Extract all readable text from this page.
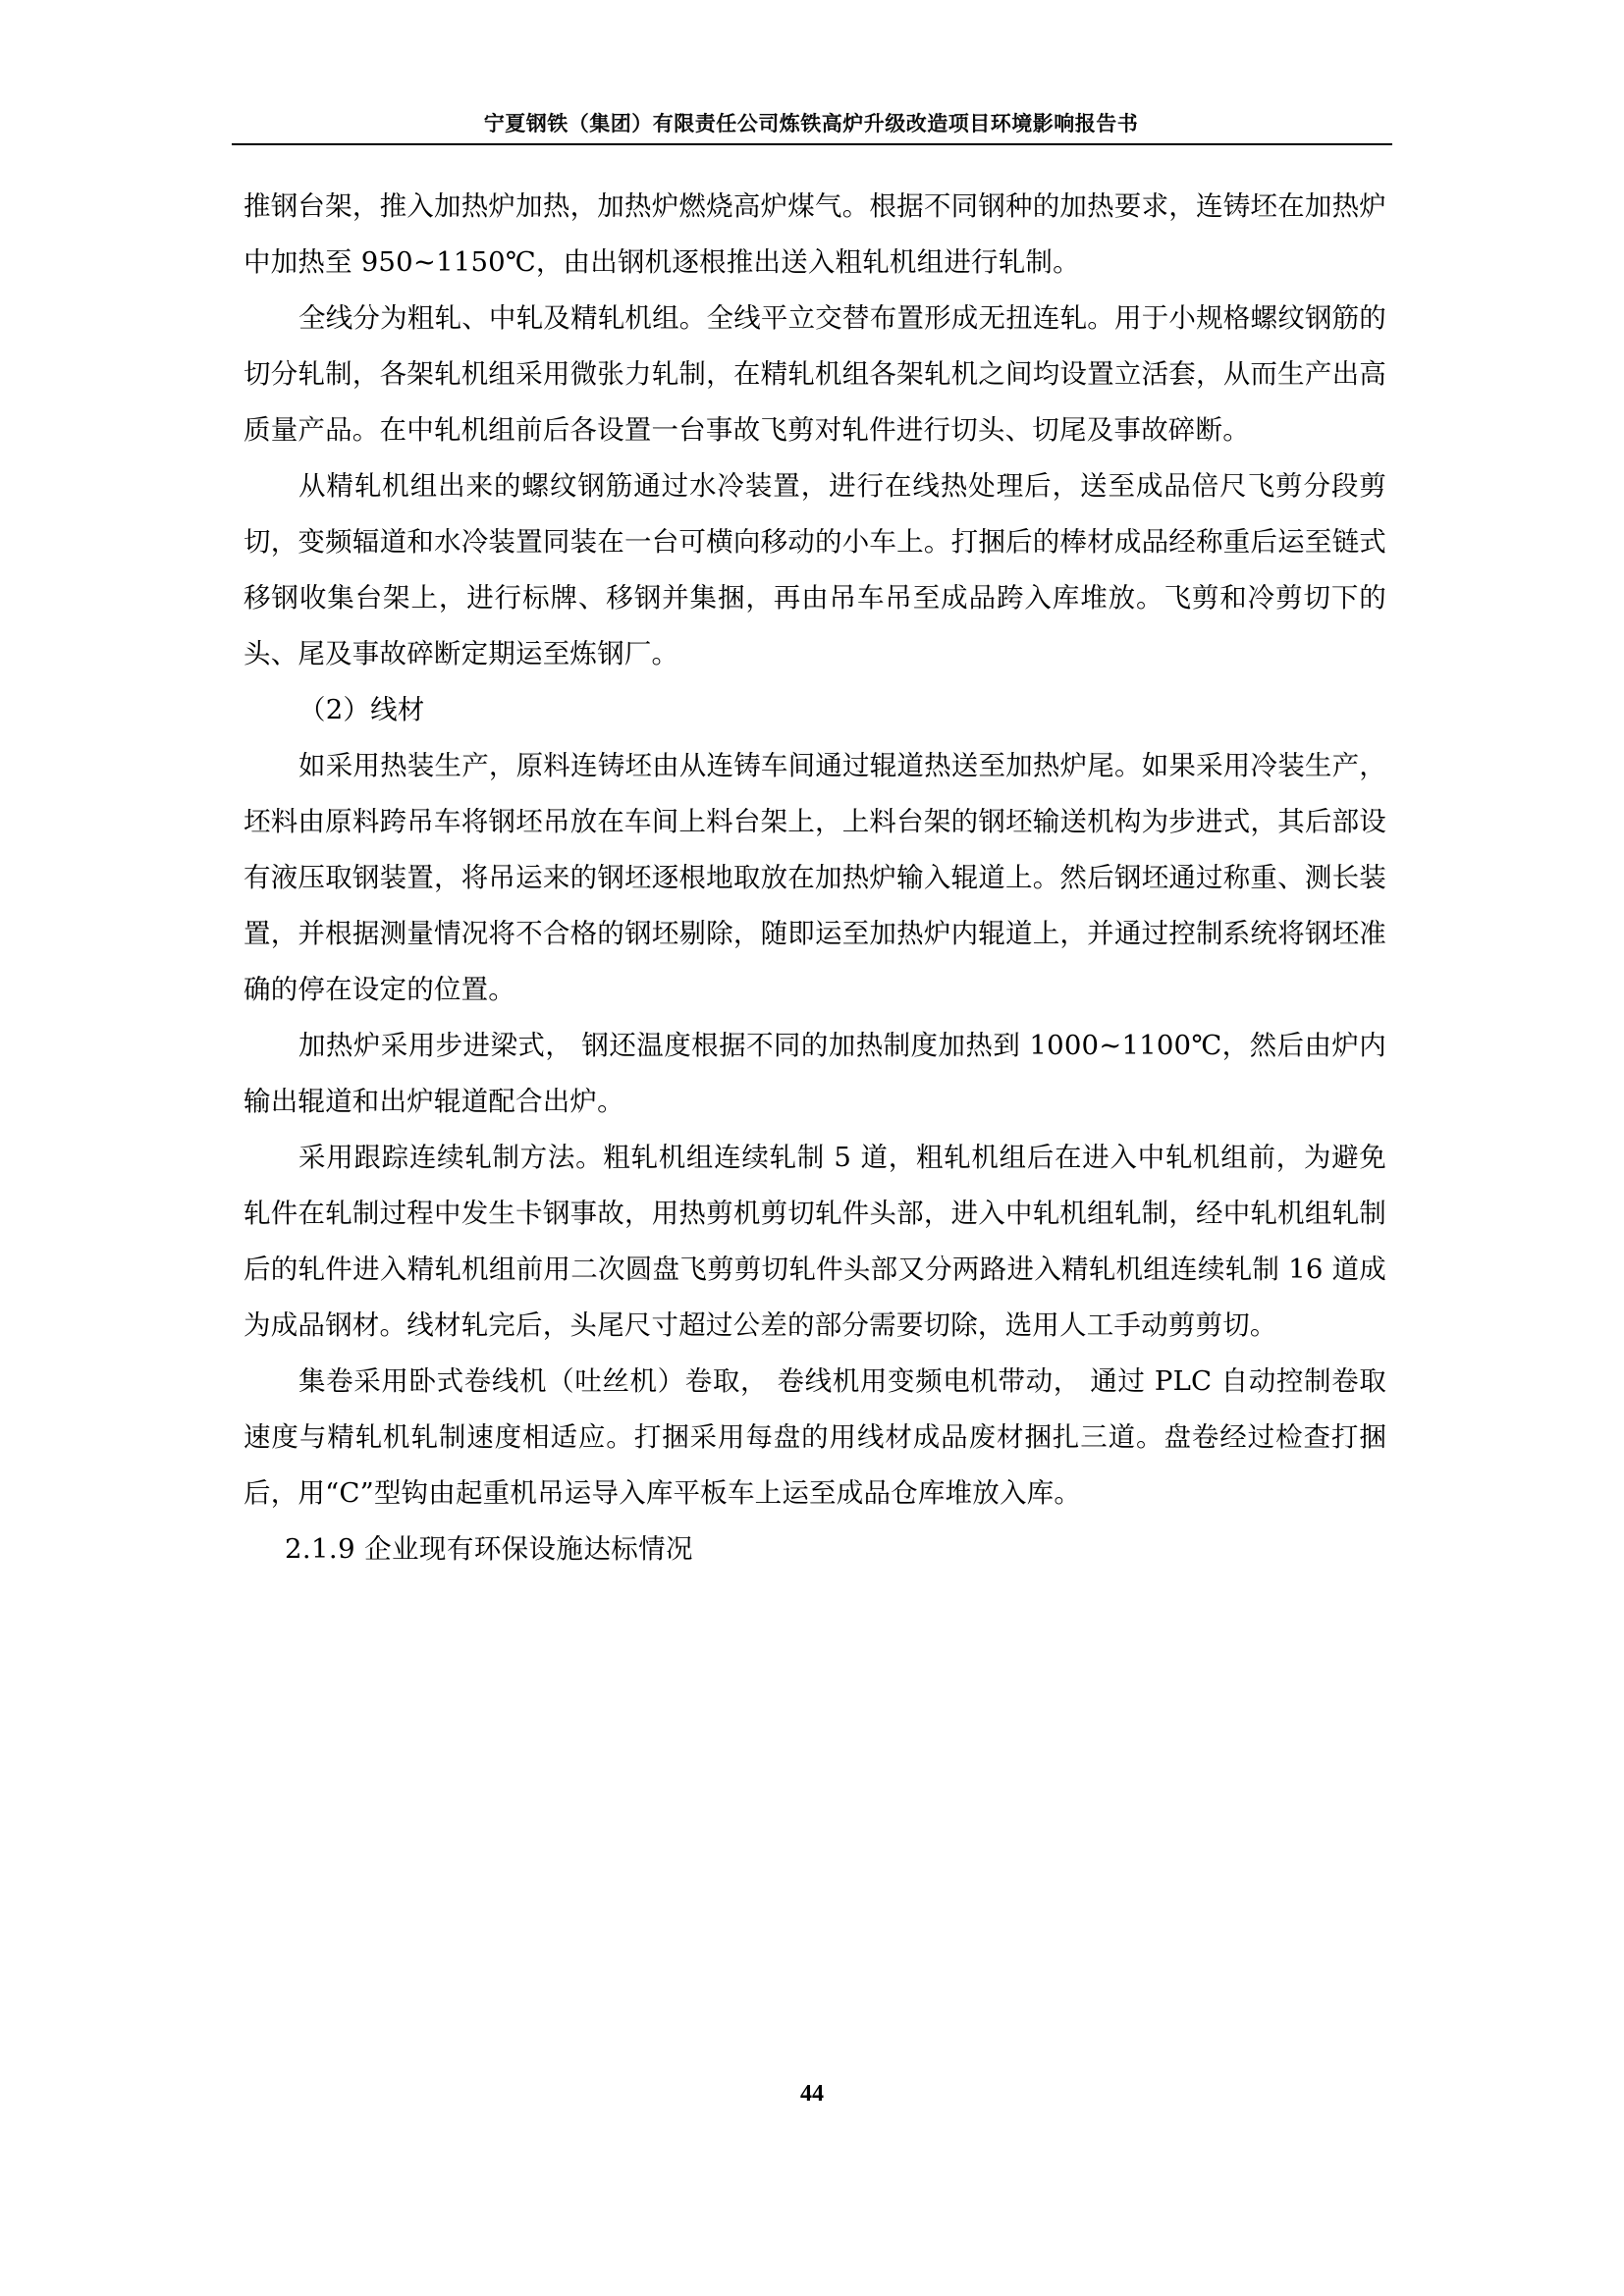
宁夏钢铁（集团）有限责任公司炼铁高炉升级改造项目环境影响报告书

推钢台架，推入加热炉加热，加热炉燃烧高炉煤气。根据不同钢种的加热要求，连铸坯在加热炉中加热至 950~1150℃，由出钢机逐根推出送入粗轧机组进行轧制。

全线分为粗轧、中轧及精轧机组。全线平立交替布置形成无扭连轧。用于小规格螺纹钢筋的切分轧制，各架轧机组采用微张力轧制，在精轧机组各架轧机之间均设置立活套，从而生产出高质量产品。在中轧机组前后各设置一台事故飞剪对轧件进行切头、切尾及事故碎断。

从精轧机组出来的螺纹钢筋通过水冷装置，进行在线热处理后，送至成品倍尺飞剪分段剪切，变频辐道和水冷装置同装在一台可横向移动的小车上。打捆后的棒材成品经称重后运至链式移钢收集台架上，进行标牌、移钢并集捆，再由吊车吊至成品跨入库堆放。飞剪和冷剪切下的头、尾及事故碎断定期运至炼钢厂。

（2）线材

如采用热装生产，原料连铸坯由从连铸车间通过辊道热送至加热炉尾。如果采用冷装生产，坯料由原料跨吊车将钢坯吊放在车间上料台架上，上料台架的钢坯输送机构为步进式，其后部设有液压取钢装置，将吊运来的钢坯逐根地取放在加热炉输入辊道上。然后钢坯通过称重、测长装置，并根据测量情况将不合格的钢坯剔除，随即运至加热炉内辊道上，并通过控制系统将钢坯准确的停在设定的位置。

加热炉采用步进梁式， 钢还温度根据不同的加热制度加热到 1000~1100℃，然后由炉内输出辊道和出炉辊道配合出炉。

采用跟踪连续轧制方法。粗轧机组连续轧制 5 道，粗轧机组后在进入中轧机组前，为避免轧件在轧制过程中发生卡钢事故，用热剪机剪切轧件头部，进入中轧机组轧制，经中轧机组轧制后的轧件进入精轧机组前用二次圆盘飞剪剪切轧件头部又分两路进入精轧机组连续轧制 16 道成为成品钢材。线材轧完后，头尾尺寸超过公差的部分需要切除，选用人工手动剪剪切。

集卷采用卧式卷线机（吐丝机）卷取， 卷线机用变频电机带动， 通过 PLC 自动控制卷取速度与精轧机轧制速度相适应。打捆采用每盘的用线材成品废材捆扎三道。盘卷经过检查打捆后，用“C”型钩由起重机吊运导入库平板车上运至成品仓库堆放入库。

2.1.9 企业现有环保设施达标情况

44
